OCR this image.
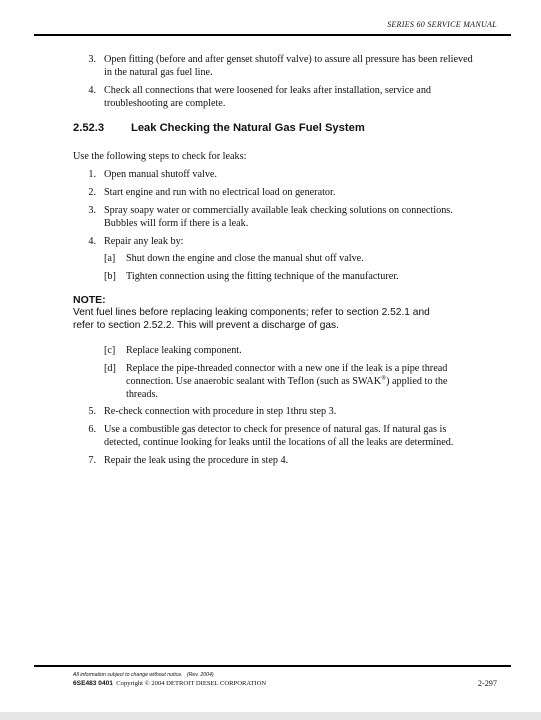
SERIES 60 SERVICE MANUAL
3. Open fitting (before and after genset shutoff valve) to assure all pressure has been relieved
in the natural gas fuel line.
4. Check all connections that were loosened for leaks after installation, service and
troubleshooting are complete.
2.52.3 Leak Checking the Natural Gas Fuel System
Use the following steps to check for leaks:
1. Open manual shutoff valve.
2. Start engine and run with no electrical load on generator.
3. Spray soapy water or commercially available leak checking solutions on connections.
Bubbles will form if there is a leak.
4. Repair any leak by:
[a] Shut down the engine and close the manual shut off valve.
[b] Tighten connection using the fitting technique of the manufacturer.
NOTE:
Vent fuel lines before replacing leaking components; refer to section 2.52.1 and
refer to section 2.52.2. This will prevent a discharge of gas.
[c] Replace leaking component.
[d] Replace the pipe-threaded connector with a new one if the leak is a pipe thread
connection. Use anaerobic sealant with Teflon (such as SWAK®) applied to the
threads.
5. Re-check connection with procedure in step 1thru step 3.
6. Use a combustible gas detector to check for presence of natural gas. If natural gas is
detected, continue looking for leaks until the locations of all the leaks are determined.
7. Repair the leak using the procedure in step 4.
All information subject to change without notice. (Rev. 2004)
6SE483 0401 Copyright © 2004 DETROIT DIESEL CORPORATION	2-297
